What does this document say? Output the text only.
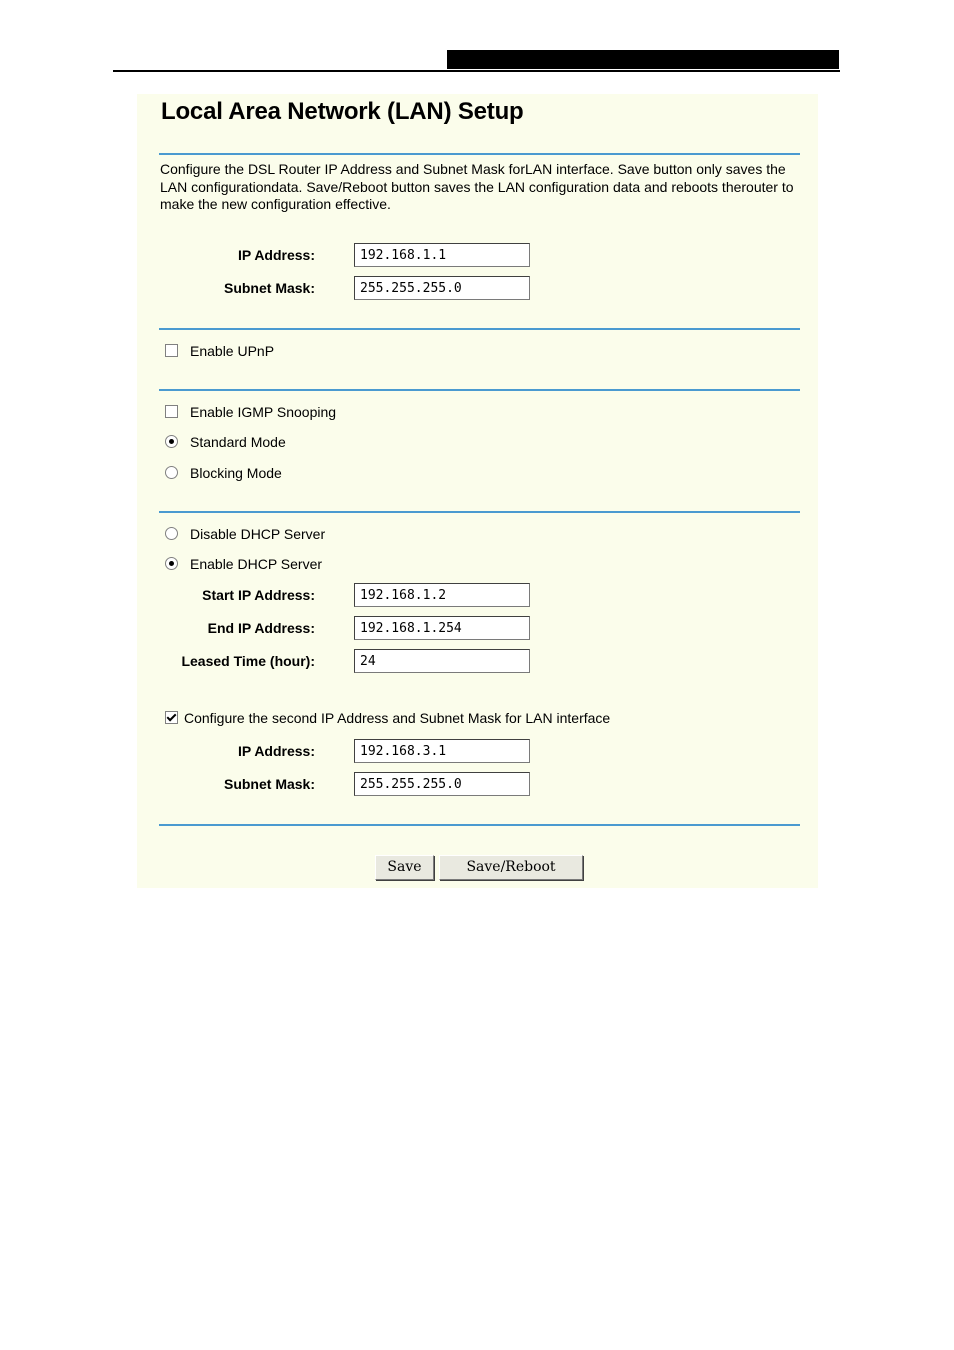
Local Area Network (LAN) Setup
Configure the DSL Router IP Address and Subnet Mask forLAN interface. Save button only saves the LAN configurationdata. Save/Reboot button saves the LAN configuration data and reboots therouter to make the new configuration effective.
IP Address:
192.168.1.1
Subnet Mask:
255.255.255.0
Enable UPnP
Enable IGMP Snooping
Standard Mode
Blocking Mode
Disable DHCP Server
Enable DHCP Server
Start IP Address:
192.168.1.2
End IP Address:
192.168.1.254
Leased Time (hour):
24
Configure the second IP Address and Subnet Mask for LAN interface
IP Address:
192.168.3.1
Subnet Mask:
255.255.255.0
Save	Save/Reboot
